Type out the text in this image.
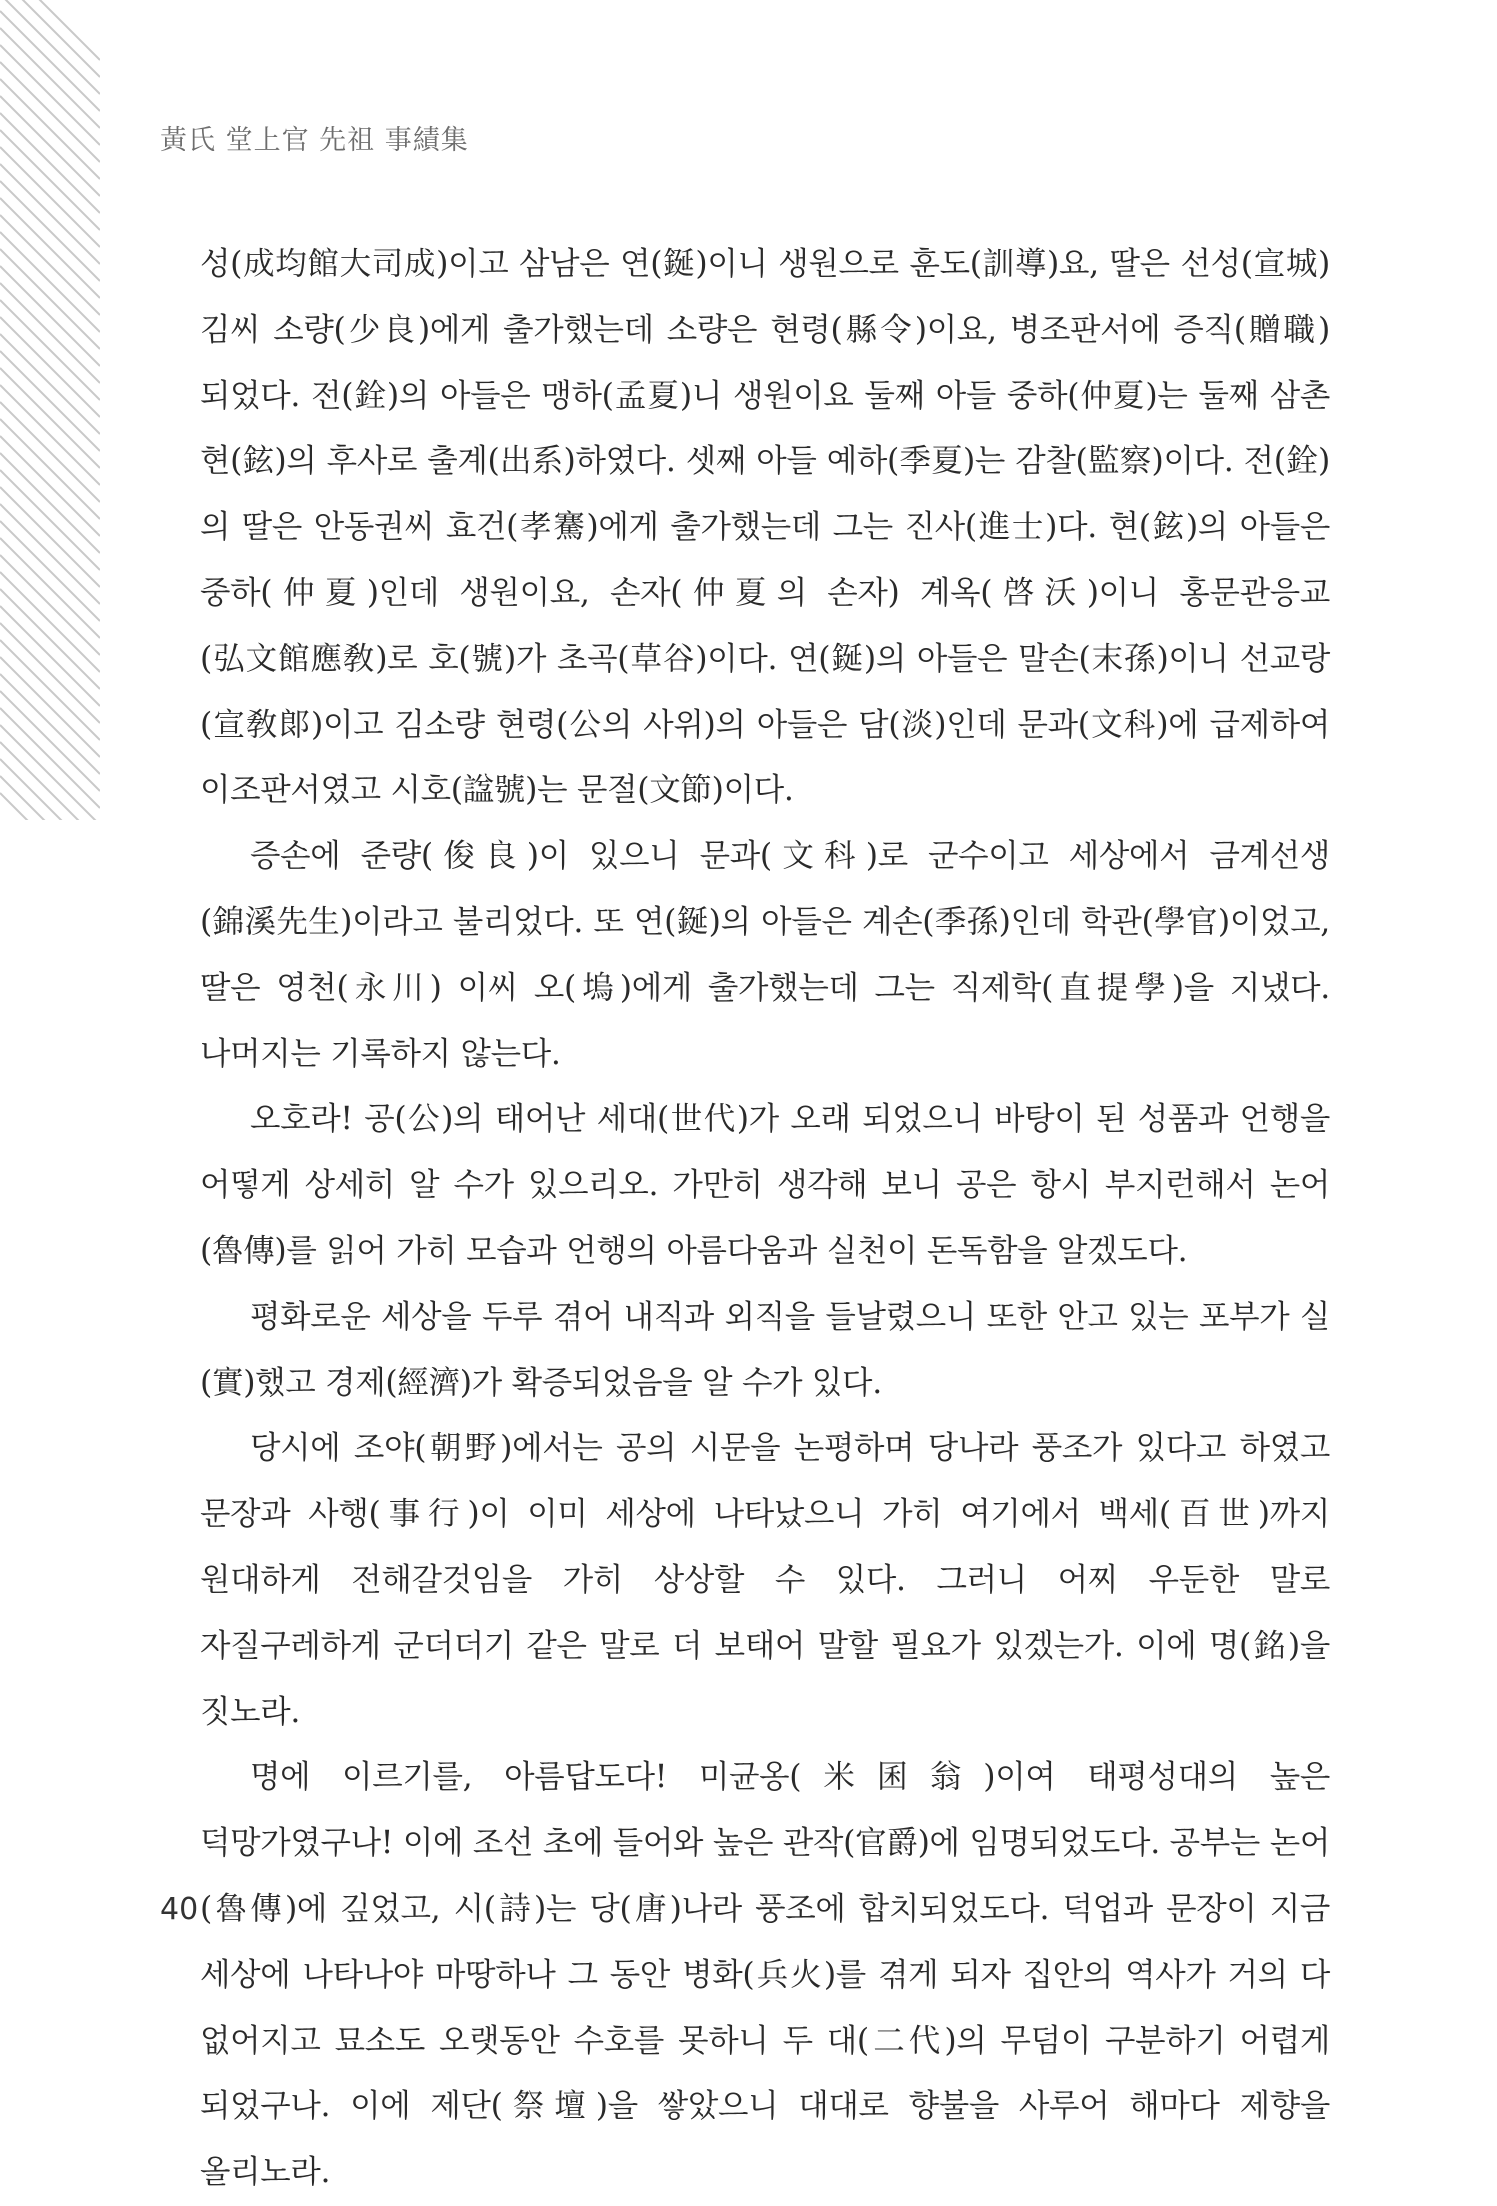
黃氏 堂上官 先祖 事績集

성(成均館大司成)이고 삼남은 연(鋋)이니 생원으로 훈도(訓導)요, 딸은 선성(宣城) 김씨 소량(少良)에게 출가했는데 소량은 현령(縣令)이요, 병조판서에 증직(贈職)되었다. 전(銓)의 아들은 맹하(孟夏)니 생원이요 둘째 아들 중하(仲夏)는 둘째 삼촌 현(鉉)의 후사로 출계(出系)하였다. 셋째 아들 예하(季夏)는 감찰(監察)이다. 전(銓)의 딸은 안동권씨 효건(孝騫)에게 출가했는데 그는 진사(進士)다. 현(鉉)의 아들은 중하(仲夏)인데 생원이요, 손자(仲夏의 손자) 계옥(啓沃)이니 홍문관응교(弘文館應敎)로 호(號)가 초곡(草谷)이다. 연(鋋)의 아들은 말손(末孫)이니 선교랑(宣敎郞)이고 김소량 현령(公의 사위)의 아들은 담(淡)인데 문과(文科)에 급제하여 이조판서였고 시호(諡號)는 문절(文節)이다.

증손에 준량(俊良)이 있으니 문과(文科)로 군수이고 세상에서 금계선생(錦溪先生)이라고 불리었다. 또 연(鋋)의 아들은 계손(季孫)인데 학관(學官)이었고, 딸은 영천(永川) 이씨 오(塢)에게 출가했는데 그는 직제학(直提學)을 지냈다. 나머지는 기록하지 않는다.

오호라! 공(公)의 태어난 세대(世代)가 오래 되었으니 바탕이 된 성품과 언행을 어떻게 상세히 알 수가 있으리오. 가만히 생각해 보니 공은 항시 부지런해서 논어(魯傳)를 읽어 가히 모습과 언행의 아름다움과 실천이 돈독함을 알겠도다.

평화로운 세상을 두루 겪어 내직과 외직을 들날렸으니 또한 안고 있는 포부가 실(實)했고 경제(經濟)가 확증되었음을 알 수가 있다.

당시에 조야(朝野)에서는 공의 시문을 논평하며 당나라 풍조가 있다고 하였고 문장과 사행(事行)이 이미 세상에 나타났으니 가히 여기에서 백세(百世)까지 원대하게 전해갈것임을 가히 상상할 수 있다. 그러니 어찌 우둔한 말로 자질구레하게 군더더기 같은 말로 더 보태어 말할 필요가 있겠는가. 이에 명(銘)을 짓노라.

명에 이르기를, 아름답도다! 미균옹(米囷翁)이여 태평성대의 높은 덕망가였구나! 이에 조선 초에 들어와 높은 관작(官爵)에 임명되었도다. 공부는 논어(魯傳)에 깊었고, 시(詩)는 당(唐)나라 풍조에 합치되었도다. 덕업과 문장이 지금 세상에 나타나야 마땅하나 그 동안 병화(兵火)를 겪게 되자 집안의 역사가 거의 다 없어지고 묘소도 오랫동안 수호를 못하니 두 대(二代)의 무덤이 구분하기 어렵게 되었구나. 이에 제단(祭壇)을 쌓았으니 대대로 향불을 사루어 해마다 제향을 올리노라.

40
